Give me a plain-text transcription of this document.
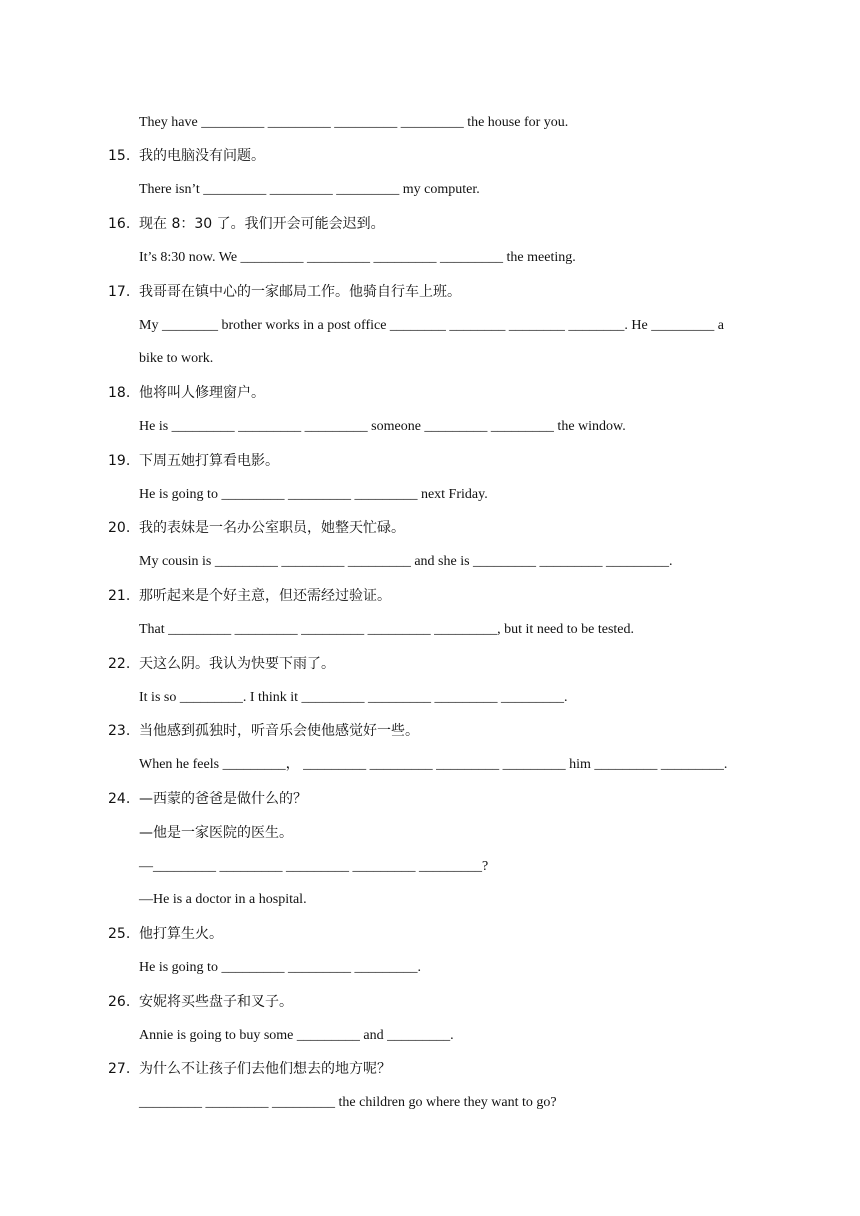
They have _________ _________ _________ _________ the house for you.
15. 我的电脑没有问题。
There isn’t _________ _________ _________ my computer.
16. 现在 8：30 了。我们开会可能会迟到。
It’s 8:30 now. We _________ _________ _________ _________ the meeting.
17. 我哥哥在镇中心的一家邮局工作。他骑自行车上班。
My ________ brother works in a post office ________ ________ ________ ________. He _________ a
bike to work.
18. 他将叫人修理窗户。
He is _________ _________ _________ someone _________ _________ the window.
19. 下周五她打算看电影。
He is going to _________ _________ _________ next Friday.
20. 我的表妹是一名办公室职员，她整天忙碌。
My cousin is _________ _________ _________ and she is _________ _________ _________.
21. 那听起来是个好主意，但还需经过验证。
That _________ _________ _________ _________ _________, but it need to be tested.
22. 天这么阴。我认为快要下雨了。
It is so _________. I think it _________ _________ _________ _________.
23. 当他感到孤独时，听音乐会使他感觉好一些。
When he feels _________， _________ _________ _________ _________ him _________ _________.
24. —西蒙的爸爸是做什么的？
—他是一家医院的医生。
—_________ _________ _________ _________ _________?
—He is a doctor in a hospital.
25. 他打算生火。
He is going to _________ _________ _________.
26. 安妮将买些盘子和叉子。
Annie is going to buy some _________ and _________.
27. 为什么不让孩子们去他们想去的地方呢？
_________ _________ _________ the children go where they want to go?
